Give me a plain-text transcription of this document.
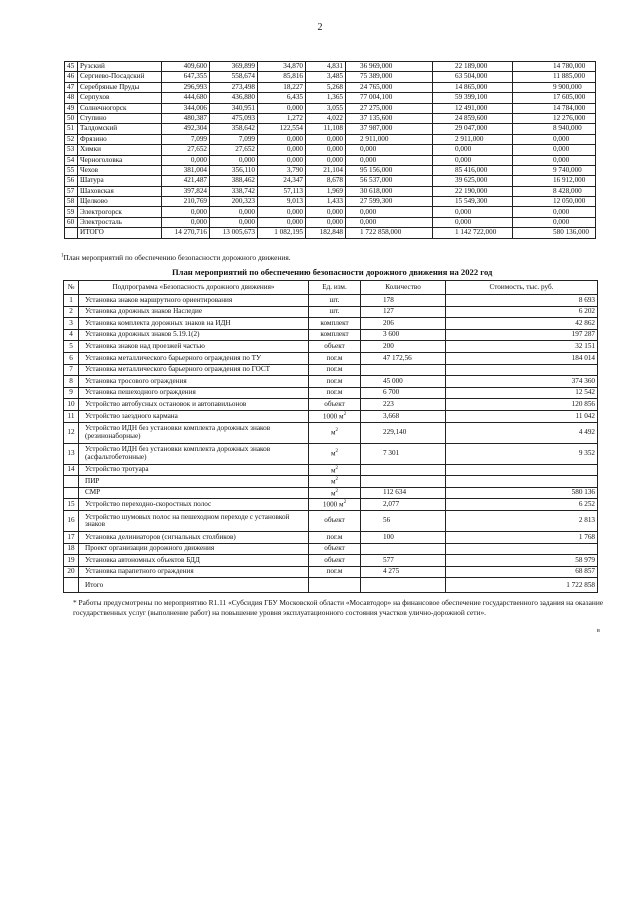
2
45	Рузский	409,600	369,899	34,870	4,831	36 969,000	22 189,000	14 780,000
46	Сергиево-Посадский	647,355	558,674	85,816	3,485	75 389,000	63 504,000	11 885,000
47	Серебряные Пруды	296,993	273,498	18,227	5,268	24 765,000	14 865,000	9 900,000
48	Серпухов	444,680	436,880	6,435	1,365	77 004,100	59 399,100	17 605,000
49	Солнечногорск	344,006	340,951	0,000	3,055	27 275,000	12 491,000	14 784,000
50	Ступино	480,387	475,093	1,272	4,022	37 135,600	24 859,600	12 276,000
51	Талдомский	492,304	358,642	122,554	11,108	37 987,000	29 047,000	8 940,000
52	Фрязино	7,099	7,099	0,000	0,000	2 911,000	2 911,000	0,000
53	Химки	27,652	27,652	0,000	0,000	0,000	0,000	0,000
54	Черноголовка	0,000	0,000	0,000	0,000	0,000	0,000	0,000
55	Чехов	381,004	356,110	3,790	21,104	95 156,000	85 416,000	9 740,000
56	Шатура	421,487	388,462	24,347	8,678	56 537,000	39 625,000	16 912,000
57	Шаховская	397,824	338,742	57,113	1,969	30 618,000	22 190,000	8 428,000
58	Щелково	210,769	200,323	9,013	1,433	27 599,300	15 549,300	12 050,000
59	Электрогорск	0,000	0,000	0,000	0,000	0,000	0,000	0,000
60	Электросталь	0,000	0,000	0,000	0,000	0,000	0,000	0,000
	ИТОГО	14 270,716	13 005,673	1 082,195	182,848	1 722 858,000	1 142 722,000	580 136,000
$^1$План мероприятий по обеспечению безопасности дорожного движения.
План мероприятий по обеспечению безопасности дорожного движения на 2022 год
№	Подпрограмма «Безопасность дорожного движения»	Ед. изм.	Количество	Стоимость, тыс. руб.
1	Установка знаков маршрутного ориентирования	шт.	178	8 693
2	Установка дорожных знаков Наследие	шт.	127	6 202
3	Установка комплекта дорожных знаков на ИДН	комплект	206	42 862
4	Установка дорожных знаков 5.19.1(2)	комплект	3 600	197 287
5	Установка знаков над проезжей частью	объект	200	32 151
6	Установка металлического барьерного ограждения по ТУ	пог.м	47 172,56	184 014
7	Установка металлического барьерного ограждения по ГОСТ	пог.м		
8	Установка тросового ограждения	пог.м	45 000	374 360
9	Установка пешеходного ограждения	пог.м	6 700	12 542
10	Устройство автобусных остановок и автопавильонов	объект	223	120 856
11	Устройство заездного кармана	1000 $м^2$	3,668	11 042
12	Устройство ИДН без установки комплекта дорожных знаков (резинонаборные)	$м^2$	229,140	4 492
13	Устройство ИДН без установки комплекта дорожных знаков (асфальтобетонные)	$м^2$	7 301	9 352
14	Устройство тротуара	$м^2$		
	ПИР	$м^2$		
	СМР	$м^2$	112 634	580 136
15	Устройство переходно-скоростных полос	1000 $м^2$	2,077	6 252
16	Устройство шумовых полос на пешеходном переходе с установкой знаков	объект	56	2 813
17	Установка делиниаторов (сигнальных столбиков)	пог.м	100	1 768
18	Проект организации дорожного движения	объект		
19	Установка автономных объектов БДД	объект	577	58 979
20	Установка парапетного ограждения	пог.м	4 275	68 857
	Итого			1 722 858
* Работы предусмотрены по мероприятию R1.11 «Субсидия ГБУ Московской области «Мосавтодор» на финансовое обеспечение государственного задания на оказание государственных услуг (выполнение работ) на повышение уровня эксплуатационного состояния участков улично-дорожной сети».
в
